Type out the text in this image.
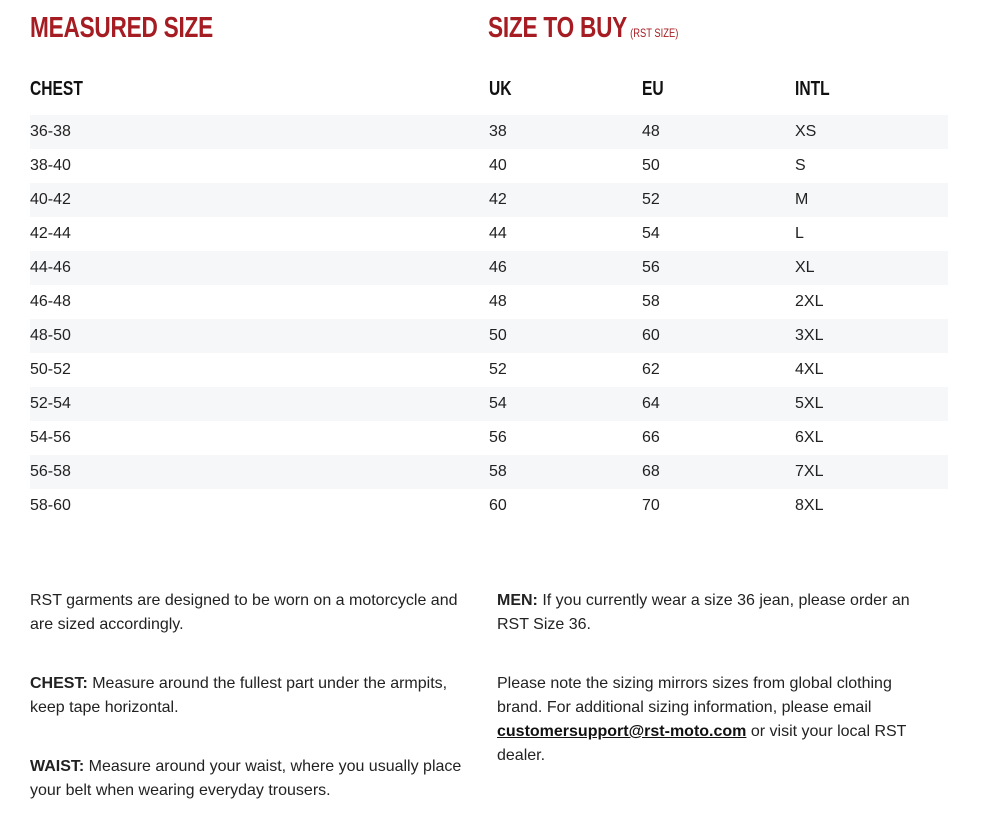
MEASURED SIZE	SIZE TO BUY (RST SIZE)
CHEST	UK	EU	INTL
36-38	38	48	XS
38-40	40	50	S
40-42	42	52	M
42-44	44	54	L
44-46	46	56	XL
46-48	48	58	2XL
48-50	50	60	3XL
50-52	52	62	4XL
52-54	54	64	5XL
54-56	56	66	6XL
56-58	58	68	7XL
58-60	60	70	8XL
RST garments are designed to be worn on a motorcycle and are sized accordingly.
CHEST: Measure around the fullest part under the armpits, keep tape horizontal.
WAIST: Measure around your waist, where you usually place your belt when wearing everyday trousers.
MEN: If you currently wear a size 36 jean, please order an RST Size 36.
Please note the sizing mirrors sizes from global clothing brand. For additional sizing information, please email customersupport@rst-moto.com or visit your local RST dealer.
